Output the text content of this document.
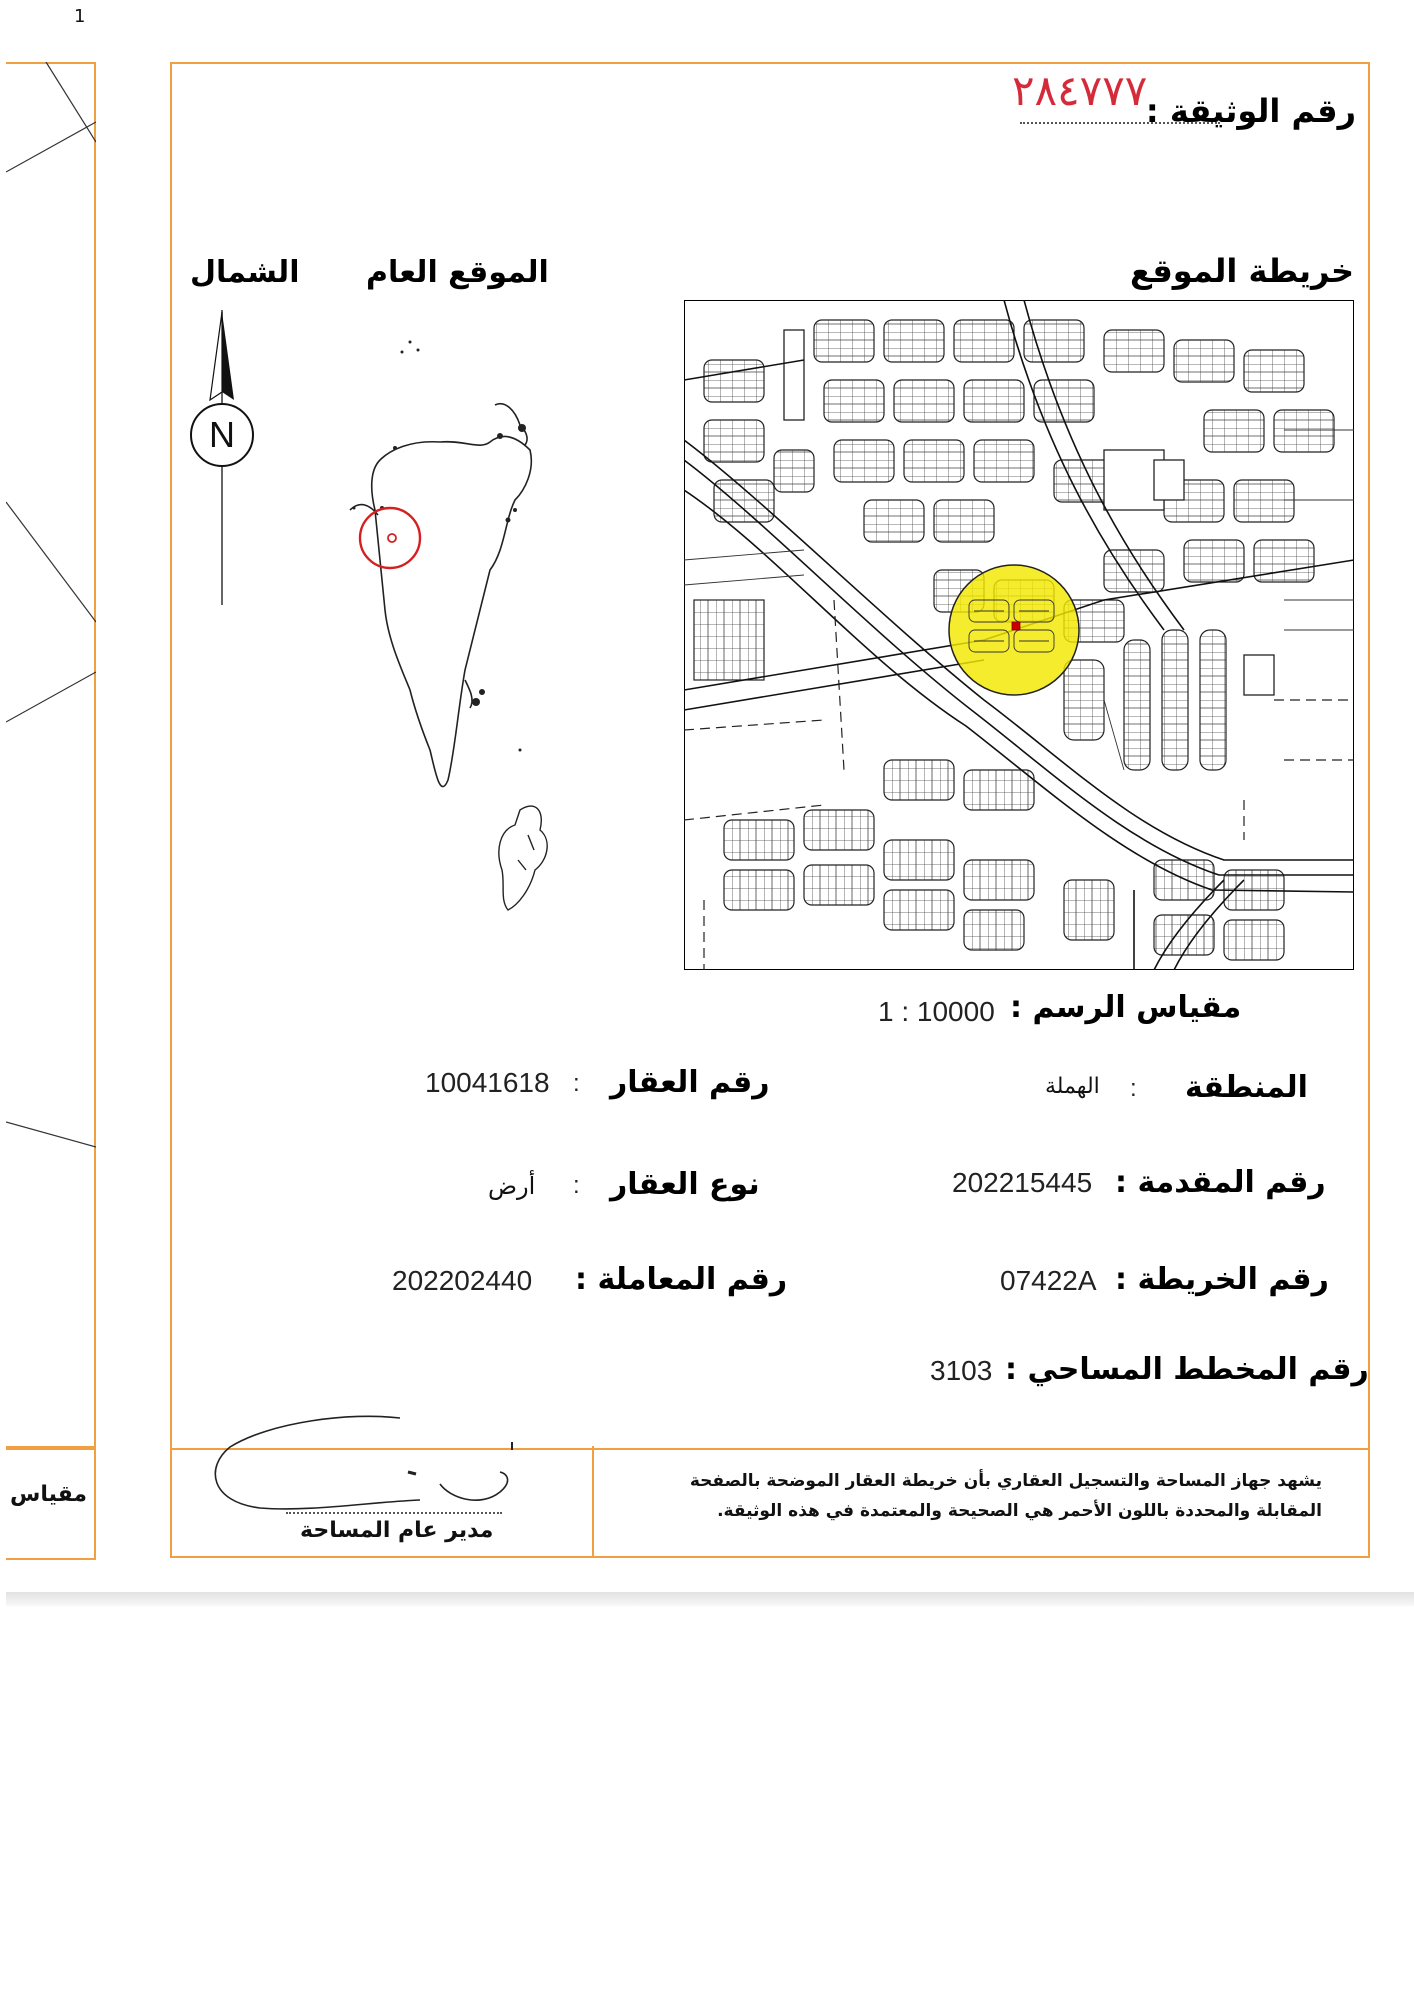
1
مقياس
رقم الوثيقة :
٢٨٤٧٧٧
خريطة الموقع
مقياس الرسم :
1 : 10000
الموقع العام
الشمال
N
رقم العقار
:
10041618	المنطقة
:
الهملة
نوع العقار
:
أرض	رقم المقدمة :
202215445
رقم المعاملة :
202202440	رقم الخريطة :
07422A
رقم المخطط المساحي :
3103
يشهد جهاز المساحة والتسجيل العقاري بأن خريطة العقار الموضحة بالصفحة
المقابلة والمحددة باللون الأحمر هي الصحيحة والمعتمدة في هذه الوثيقة.
مدير عام المساحة
